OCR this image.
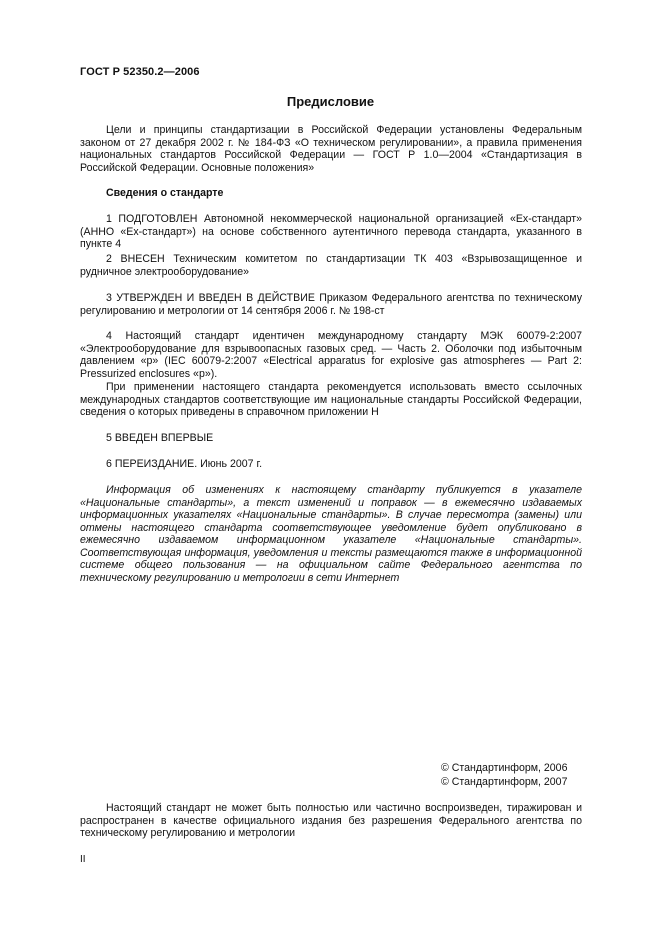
ГОСТ Р 52350.2—2006
Предисловие

Цели и принципы стандартизации в Российской Федерации установлены Федеральным законом от 27 декабря 2002 г. № 184-ФЗ «О техническом регулировании», а правила применения национальных стандартов Российской Федерации — ГОСТ Р 1.0—2004 «Стандартизация в Российской Федерации. Основные положения»

Сведения о стандарте

1 ПОДГОТОВЛЕН Автономной некоммерческой национальной организацией «Ex-стандарт» (АННО «Ex-стандарт») на основе собственного аутентичного перевода стандарта, указанного в пункте 4

2 ВНЕСЕН Техническим комитетом по стандартизации ТК 403 «Взрывозащищенное и рудничное электрооборудование»

3 УТВЕРЖДЕН И ВВЕДЕН В ДЕЙСТВИЕ Приказом Федерального агентства по техническому регулированию и метрологии от 14 сентября 2006 г. № 198-ст

4 Настоящий стандарт идентичен международному стандарту МЭК 60079-2:2007 «Электрооборудование для взрывоопасных газовых сред. — Часть 2. Оболочки под избыточным давлением «р» (IEC 60079-2:2007 «Electrical apparatus for explosive gas atmospheres — Part 2: Pressurized enclosures «р»).

При применении настоящего стандарта рекомендуется использовать вместо ссылочных международных стандартов соответствующие им национальные стандарты Российской Федерации, сведения о которых приведены в справочном приложении Н

5 ВВЕДЕН ВПЕРВЫЕ

6 ПЕРЕИЗДАНИЕ. Июнь 2007 г.

Информация об изменениях к настоящему стандарту публикуется в указателе «Национальные стандарты», а текст изменений и поправок — в ежемесячно издаваемых информационных указателях «Национальные стандарты». В случае пересмотра (замены) или отмены настоящего стандарта соответствующее уведомление будет опубликовано в ежемесячно издаваемом информационном указателе «Национальные стандарты». Соответствующая информация, уведомления и тексты размещаются также в информационной системе общего пользования — на официальном сайте Федерального агентства по техническому регулированию и метрологии в сети Интернет

© Стандартинформ, 2006
© Стандартинформ, 2007

Настоящий стандарт не может быть полностью или частично воспроизведен, тиражирован и распространен в качестве официального издания без разрешения Федерального агентства по техническому регулированию и метрологии

II
